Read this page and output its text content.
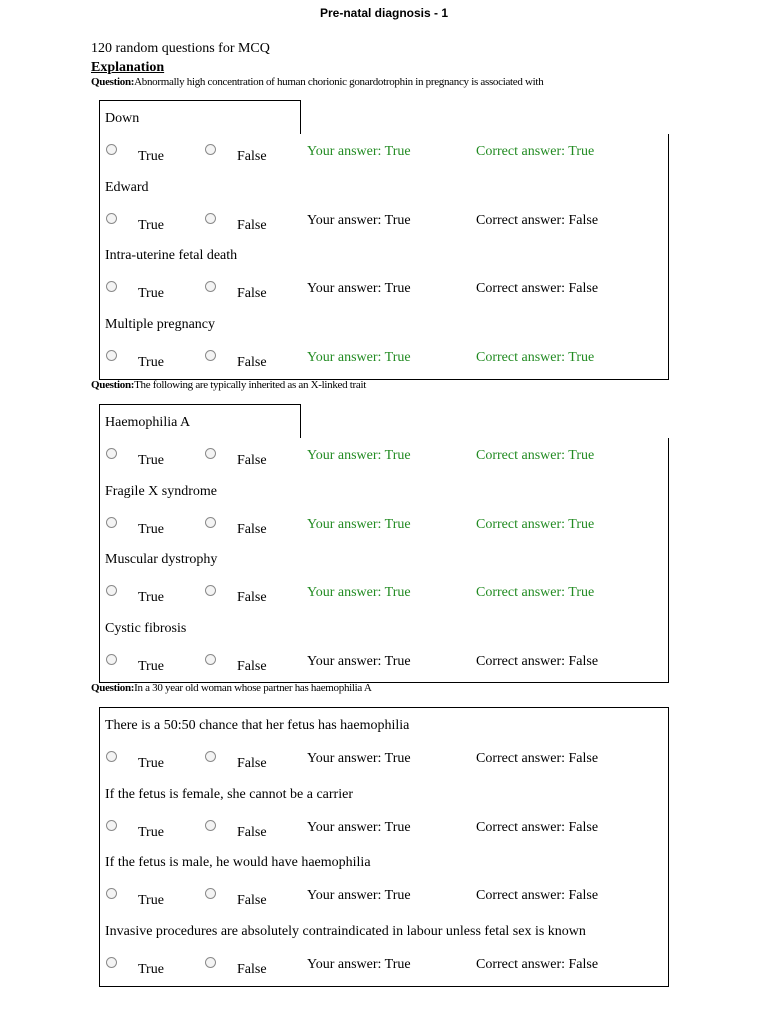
Pre-natal diagnosis - 1
120 random questions for MCQ
Explanation
Question:Abnormally high concentration of human chorionic gonardotrophin in pregnancy is associated with
Down
True	False	Your answer: True	Correct answer: True
Edward
True	False	Your answer: True	Correct answer: False
Intra-uterine fetal death
True	False	Your answer: True	Correct answer: False
Multiple pregnancy
True	False	Your answer: True	Correct answer: True
Question:The following are typically inherited as an X-linked trait
Haemophilia A
True	False	Your answer: True	Correct answer: True
Fragile X syndrome
True	False	Your answer: True	Correct answer: True
Muscular dystrophy
True	False	Your answer: True	Correct answer: True
Cystic fibrosis
True	False	Your answer: True	Correct answer: False
Question:In a 30 year old woman whose partner has haemophilia A
There is a 50:50 chance that her fetus has haemophilia
True	False	Your answer: True	Correct answer: False
If the fetus is female, she cannot be a carrier
True	False	Your answer: True	Correct answer: False
If the fetus is male, he would have haemophilia
True	False	Your answer: True	Correct answer: False
Invasive procedures are absolutely contraindicated in labour unless fetal sex is known
True	False	Your answer: True	Correct answer: False
